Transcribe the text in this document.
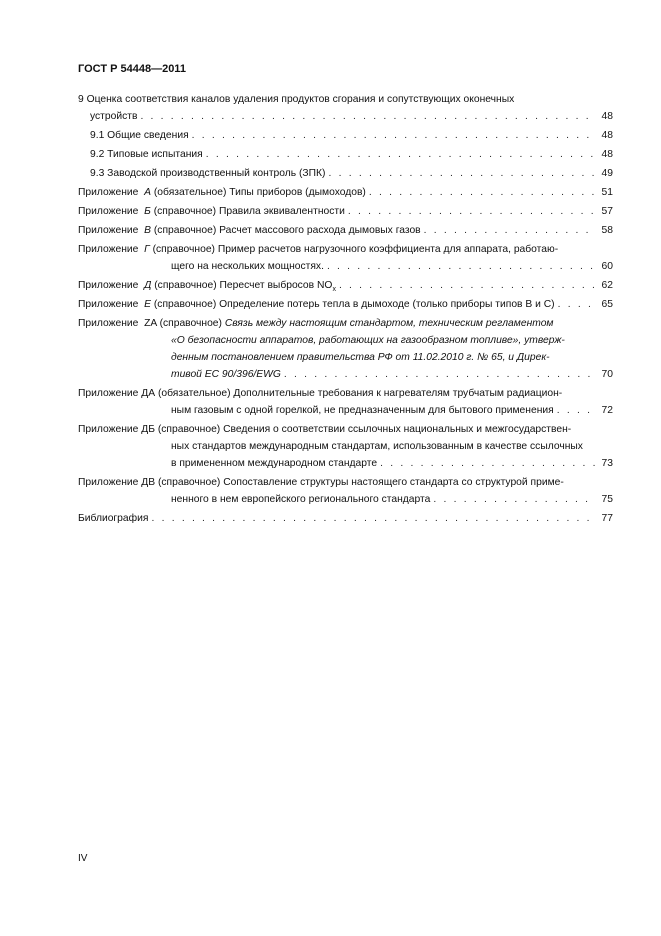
ГОСТ Р 54448—2011
9 Оценка соответствия каналов удаления продуктов сгорания и сопутствующих оконечных
устройств . . .	48
9.1 Общие сведения . . .	48
9.2 Типовые испытания . . .	48
9.3 Заводской производственный контроль (ЗПК) . . .	49
Приложение  А (обязательное) Типы приборов (дымоходов) . . .	51
Приложение  Б (справочное) Правила эквивалентности . . .	57
Приложение  В (справочное) Расчет массового расхода дымовых газов . . .	58
Приложение  Г (справочное) Пример расчетов нагрузочного коэффициента для аппарата, работаю-
щего на нескольких мощностях. . . .	60
Приложение  Д (справочное) Пересчет выбросов $NO_x$ . . .	62
Приложение  Е (справочное) Определение потерь тепла в дымоходе (только приборы типов В и С) . . .	65
Приложение  ZA (справочное) Связь между настоящим стандартом, техническим регламентом
«О безопасности аппаратов, работающих на газообразном топливе», утверж-
денным постановлением правительства РФ от 11.02.2010 г. № 65, и Дирек-
тивой ЕС 90/396/EWG . . .	70
Приложение ДА (обязательное) Дополнительные требования к нагревателям трубчатым радиацион-
ным газовым с одной горелкой, не предназначенным для бытового применения . . .	72
Приложение ДБ (справочное) Сведения о соответствии ссылочных национальных и межгосударствен-
ных стандартов международным стандартам, использованным в качестве ссылочных
в примененном международном стандарте . . .	73
Приложение ДВ (справочное) Сопоставление структуры настоящего стандарта со структурой приме-
ненного в нем европейского регионального стандарта . . .	75
Библиография . . .	77
IV
